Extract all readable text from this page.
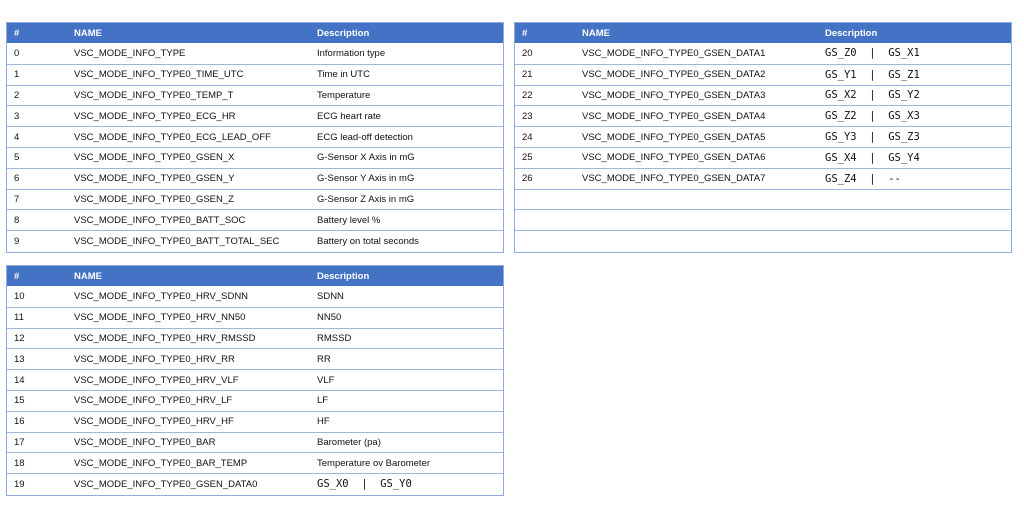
#	NAME	Description
0	VSC_MODE_INFO_TYPE	Information type
1	VSC_MODE_INFO_TYPE0_TIME_UTC	Time in UTC
2	VSC_MODE_INFO_TYPE0_TEMP_T	Temperature
3	VSC_MODE_INFO_TYPE0_ECG_HR	ECG heart rate
4	VSC_MODE_INFO_TYPE0_ECG_LEAD_OFF	ECG lead-off detection
5	VSC_MODE_INFO_TYPE0_GSEN_X	G-Sensor X Axis in mG
6	VSC_MODE_INFO_TYPE0_GSEN_Y	G-Sensor Y Axis in mG
7	VSC_MODE_INFO_TYPE0_GSEN_Z	G-Sensor Z Axis in mG
8	VSC_MODE_INFO_TYPE0_BATT_SOC	Battery level %
9	VSC_MODE_INFO_TYPE0_BATT_TOTAL_SEC	Battery on total seconds
#	NAME	Description
10	VSC_MODE_INFO_TYPE0_HRV_SDNN	SDNN
11	VSC_MODE_INFO_TYPE0_HRV_NN50	NN50
12	VSC_MODE_INFO_TYPE0_HRV_RMSSD	RMSSD
13	VSC_MODE_INFO_TYPE0_HRV_RR	RR
14	VSC_MODE_INFO_TYPE0_HRV_VLF	VLF
15	VSC_MODE_INFO_TYPE0_HRV_LF	LF
16	VSC_MODE_INFO_TYPE0_HRV_HF	HF
17	VSC_MODE_INFO_TYPE0_BAR	Barometer (pa)
18	VSC_MODE_INFO_TYPE0_BAR_TEMP	Temperature ov Barometer
19	VSC_MODE_INFO_TYPE0_GSEN_DATA0	GS_X0  |  GS_Y0
#	NAME	Description
20	VSC_MODE_INFO_TYPE0_GSEN_DATA1	GS_Z0  |  GS_X1
21	VSC_MODE_INFO_TYPE0_GSEN_DATA2	GS_Y1  |  GS_Z1
22	VSC_MODE_INFO_TYPE0_GSEN_DATA3	GS_X2  |  GS_Y2
23	VSC_MODE_INFO_TYPE0_GSEN_DATA4	GS_Z2  |  GS_X3
24	VSC_MODE_INFO_TYPE0_GSEN_DATA5	GS_Y3  |  GS_Z3
25	VSC_MODE_INFO_TYPE0_GSEN_DATA6	GS_X4  |  GS_Y4
26	VSC_MODE_INFO_TYPE0_GSEN_DATA7	GS_Z4  |  --
